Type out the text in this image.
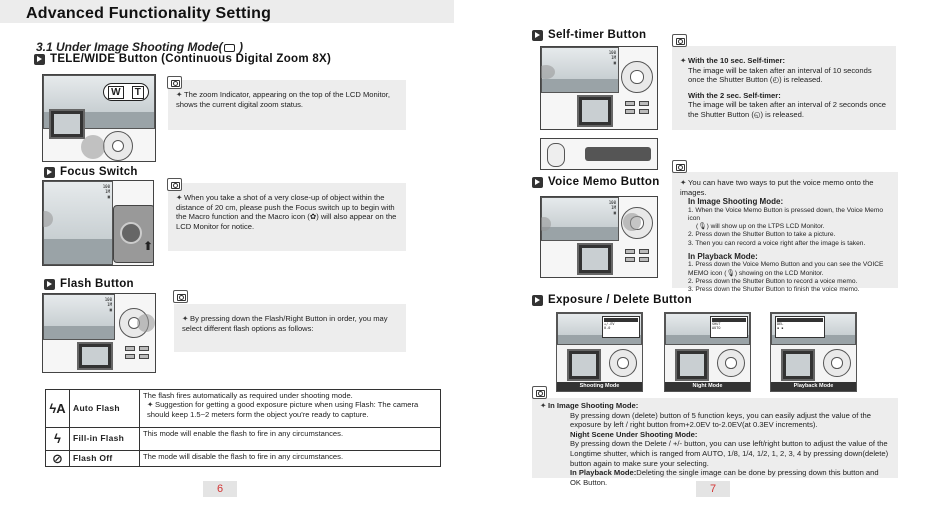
Advanced Functionality Setting
3.1 Under Image Shooting Mode( )
TELE/WIDE Button (Continuous Digital Zoom 8X)
W	T	✦ The zoom Indicator, appearing on the top of the LCD Monitor, shows the current digital zoom status.
Focus Switch
100
1M
▣
⬆
✦ When you take a shot of a very close-up of object within the distance of 20 cm, please push the Focus switch up to begin with the Macro function and the Macro icon (✿) will also appear on the LCD Monitor for notice.
Flash Button
100
1M
▣
✦ By pressing down the Flash/Right Button in order, you may select different flash options as follows:
ϟA	Auto Flash	The flash fires automatically as required under shooting mode.
✦ Suggestion for getting a good exposure picture when using Flash: The camera should keep 1.5~2 meters form the object you're ready to capture.

ϟ	Fill-in Flash	This mode will enable the flash to fire in any circumstances.
⊘	Flash Off	The mode will disable the flash to fire in any circumstances.
6
Self-timer Button
100
1M
▣	✦ With the 10 sec. Self-timer:
The image will be taken after an interval of 10 seconds once the Shutter Button (◴) is released.
With the 2 sec. Self-timer:
The image will be taken after an interval of 2 seconds once the Shutter Button (◵) is released.
Voice Memo Button
100
1M
▣
✦ You can have two ways to put the voice memo onto the images.
In Image Shooting Mode:
1. When the Voice Memo Button is pressed down, the Voice Memo icon
(🎙) will show up on the LTPS LCD Monitor.
2. Press down the Shutter Button to take a picture.
3. Then you can record a voice right after the image is taken.
In Playback Mode:
1. Press down the Voice Memo Button and you can see the VOICE MEMO icon (🎙) showing on the LCD Monitor.
2. Press down the Shutter Button to record a voice memo.
3. Press down the Shutter Button to finish the voice memo.
Exposure / Delete Button
+/-EV
0.0
Shooting Mode
SHUT
AUTO
Night Mode
DEL
▪ ▪
Playback Mode
✦ In Image Shooting Mode:
By pressing down (delete) button of 5 function keys, you can easily adjust the value of the exposure by left / right button from+2.0EV to-2.0EV(at 0.3EV increments).
Night Scene Under Shooting Mode:
By pressing down the Delete / +/- button, you can use left/right button to adjust the value of the Longtime shutter, which is ranged from AUTO, 1/8, 1/4, 1/2, 1, 2, 3, 4 by pressing down(delete) button again to make sure your selecting.
In Playback Mode:Deleting the single image can be done by pressing down this button and OK Button.
7
